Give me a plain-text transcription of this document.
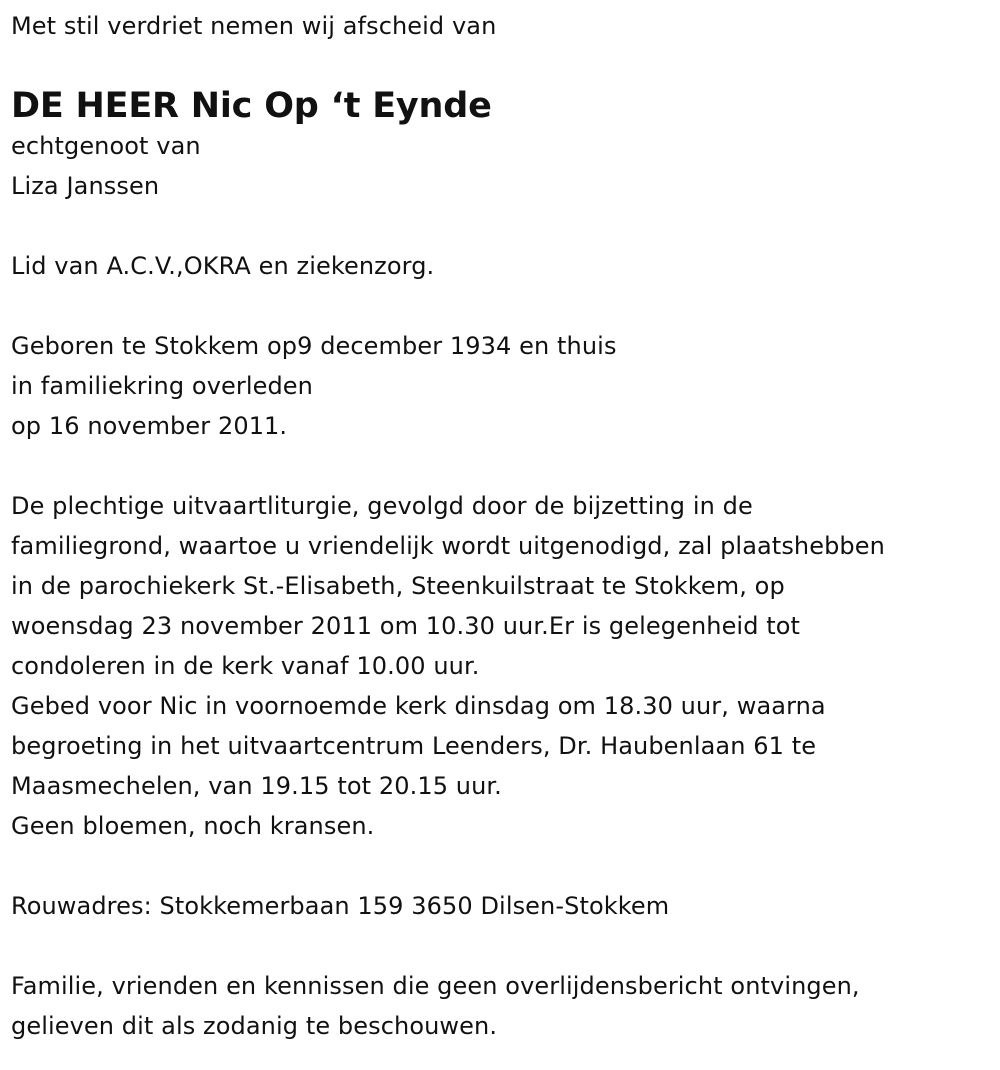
Met stil verdriet nemen wij afscheid van
DE HEER Nic Op ‘t Eynde
echtgenoot van
Liza Janssen
Lid van A.C.V.,OKRA en ziekenzorg.
Geboren te Stokkem op9 december 1934 en thuis
in familiekring overleden
op 16 november 2011.
De plechtige uitvaartliturgie, gevolgd door de bijzetting in de
familiegrond, waartoe u vriendelijk wordt uitgenodigd, zal plaatshebben
in de parochiekerk St.-Elisabeth, Steenkuilstraat te Stokkem, op
woensdag 23 november 2011 om 10.30 uur.Er is gelegenheid tot
condoleren in de kerk vanaf 10.00 uur.
Gebed voor Nic in voornoemde kerk dinsdag om 18.30 uur, waarna
begroeting in het uitvaartcentrum Leenders, Dr. Haubenlaan 61 te
Maasmechelen, van 19.15 tot 20.15 uur.
Geen bloemen, noch kransen.
Rouwadres: Stokkemerbaan 159 3650 Dilsen-Stokkem
Familie, vrienden en kennissen die geen overlijdensbericht ontvingen,
gelieven dit als zodanig te beschouwen.
